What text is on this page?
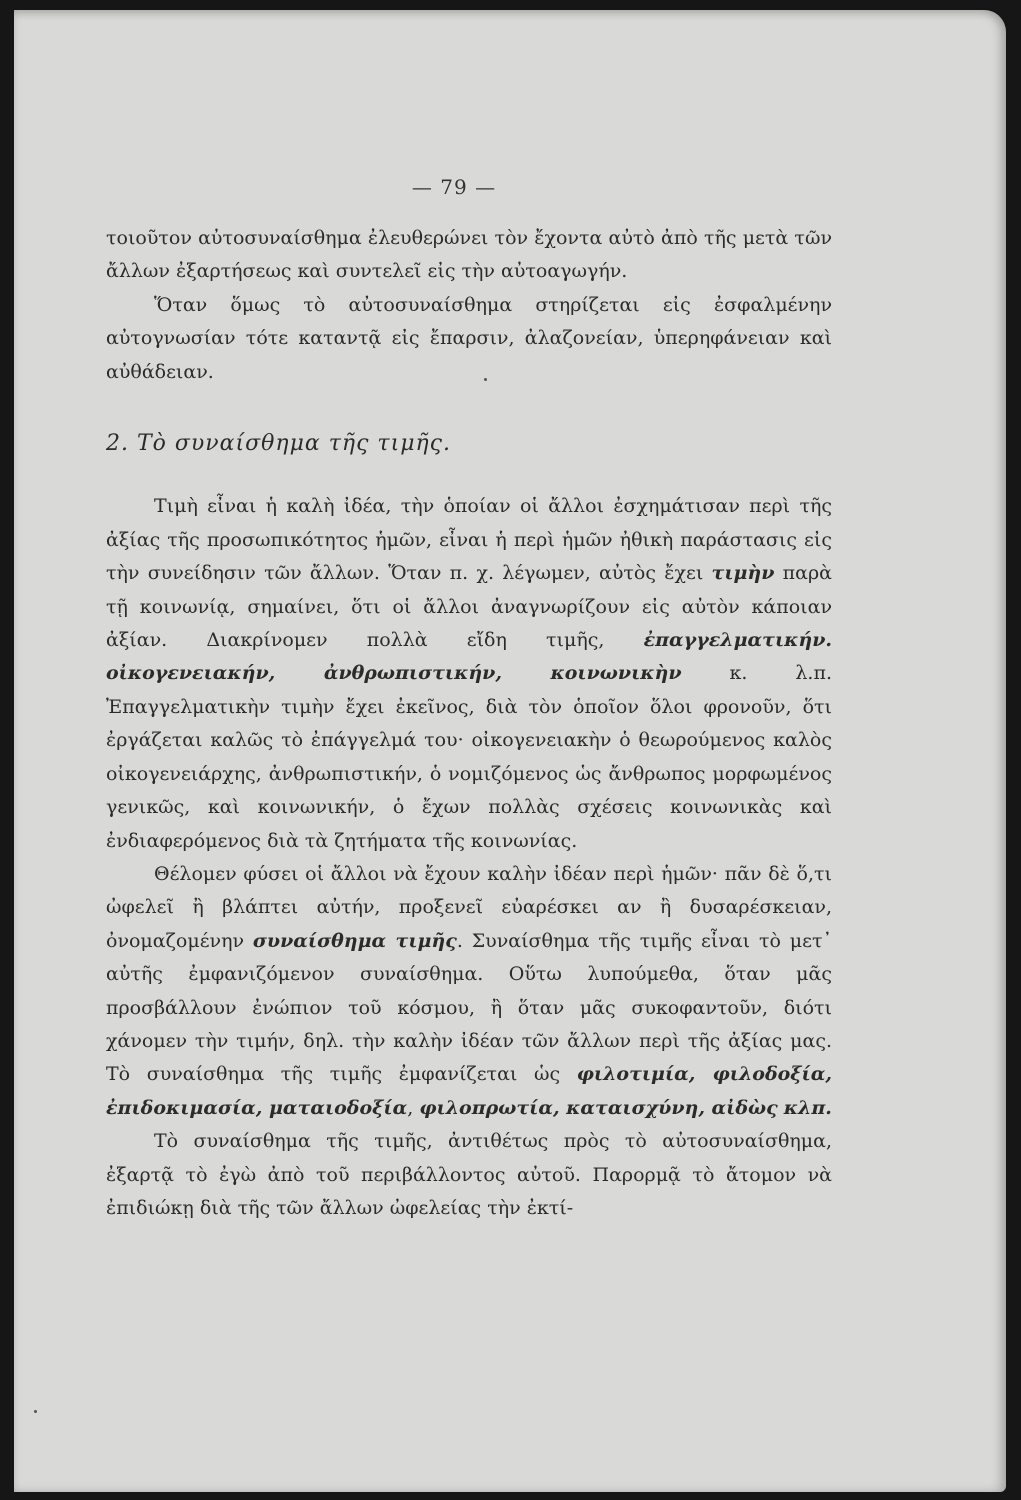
— 79 —

τοιοῦτον αὐτοσυναίσθημα ἐλευθερώνει τὸν ἔχοντα αὐτὸ ἀπὸ τῆς μετὰ τῶν ἄλλων ἐξαρτήσεως καὶ συντελεῖ εἰς τὴν αὐτοαγωγήν.

Ὅταν ὅμως τὸ αὐτοσυναίσθημα στηρίζεται εἰς ἐσφαλμένην αὐτογνωσίαν τότε καταντᾷ εἰς ἔπαρσιν, ἀλαζονείαν, ὑπερηφάνειαν καὶ αὐθάδειαν.

2. Τὸ συναίσθημα τῆς τιμῆς.

Τιμὴ εἶναι ἡ καλὴ ἰδέα, τὴν ὁποίαν οἱ ἄλλοι ἐσχημάτισαν περὶ τῆς ἀξίας τῆς προσωπικότητος ἡμῶν, εἶναι ἡ περὶ ἡμῶν ἠθικὴ παράστασις εἰς τὴν συνείδησιν τῶν ἄλλων. Ὅταν π. χ. λέγωμεν, αὐτὸς ἔχει τιμὴν παρὰ τῇ κοινωνίᾳ, σημαίνει, ὅτι οἱ ἄλλοι ἀναγνωρίζουν εἰς αὐτὸν κάποιαν ἀξίαν. Διακρίνομεν πολλὰ εἴδη τιμῆς, ἐπαγγελματικήν. οἰκογενειακήν, ἀνθρωπιστικήν, κοινωνικὴν κ. λ.π. Ἐπαγγελματικὴν τιμὴν ἔχει ἐκεῖνος, διὰ τὸν ὁποῖον ὅλοι φρονοῦν, ὅτι ἐργάζεται καλῶς τὸ ἐπάγγελμά του· οἰκογενειακὴν ὁ θεωρούμενος καλὸς οἰκογενειάρχης, ἀνθρωπιστικήν, ὁ νομιζόμενος ὡς ἄνθρωπος μορφωμένος γενικῶς, καὶ κοινωνικήν, ὁ ἔχων πολλὰς σχέσεις κοινωνικὰς καὶ ἐνδιαφερόμενος διὰ τὰ ζητήματα τῆς κοινωνίας.

Θέλομεν φύσει οἱ ἄλλοι νὰ ἔχουν καλὴν ἰδέαν περὶ ἡμῶν· πᾶν δὲ ὅ,τι ὠφελεῖ ἢ βλάπτει αὐτήν, προξενεῖ εὐαρέσκει αν ἢ δυσαρέσκειαν, ὀνομαζομένην συναίσθημα τιμῆς. Συναίσθημα τῆς τιμῆς εἶναι τὸ μετ᾽ αὐτῆς ἐμφανιζόμενον συναίσθημα. Οὕτω λυπούμεθα, ὅταν μᾶς προσβάλλουν ἐνώπιον τοῦ κόσμου, ἢ ὅταν μᾶς συκοφαντοῦν, διότι χάνομεν τὴν τιμήν, δηλ. τὴν καλὴν ἰδέαν τῶν ἄλλων περὶ τῆς ἀξίας μας. Τὸ συναίσθημα τῆς τιμῆς ἐμφανίζεται ὡς φιλοτιμία, φιλοδοξία, ἐπιδοκιμασία, ματαιοδοξία, φιλοπρωτία, καταισχύνη, αἰδὼς κλπ.

Τὸ συναίσθημα τῆς τιμῆς, ἀντιθέτως πρὸς τὸ αὐτοσυναίσθημα, ἐξαρτᾷ τὸ ἐγὼ ἀπὸ τοῦ περιβάλλοντος αὐτοῦ. Παρορμᾷ τὸ ἄτομον νὰ ἐπιδιώκῃ διὰ τῆς τῶν ἄλλων ὠφελείας τὴν ἐκτί-
